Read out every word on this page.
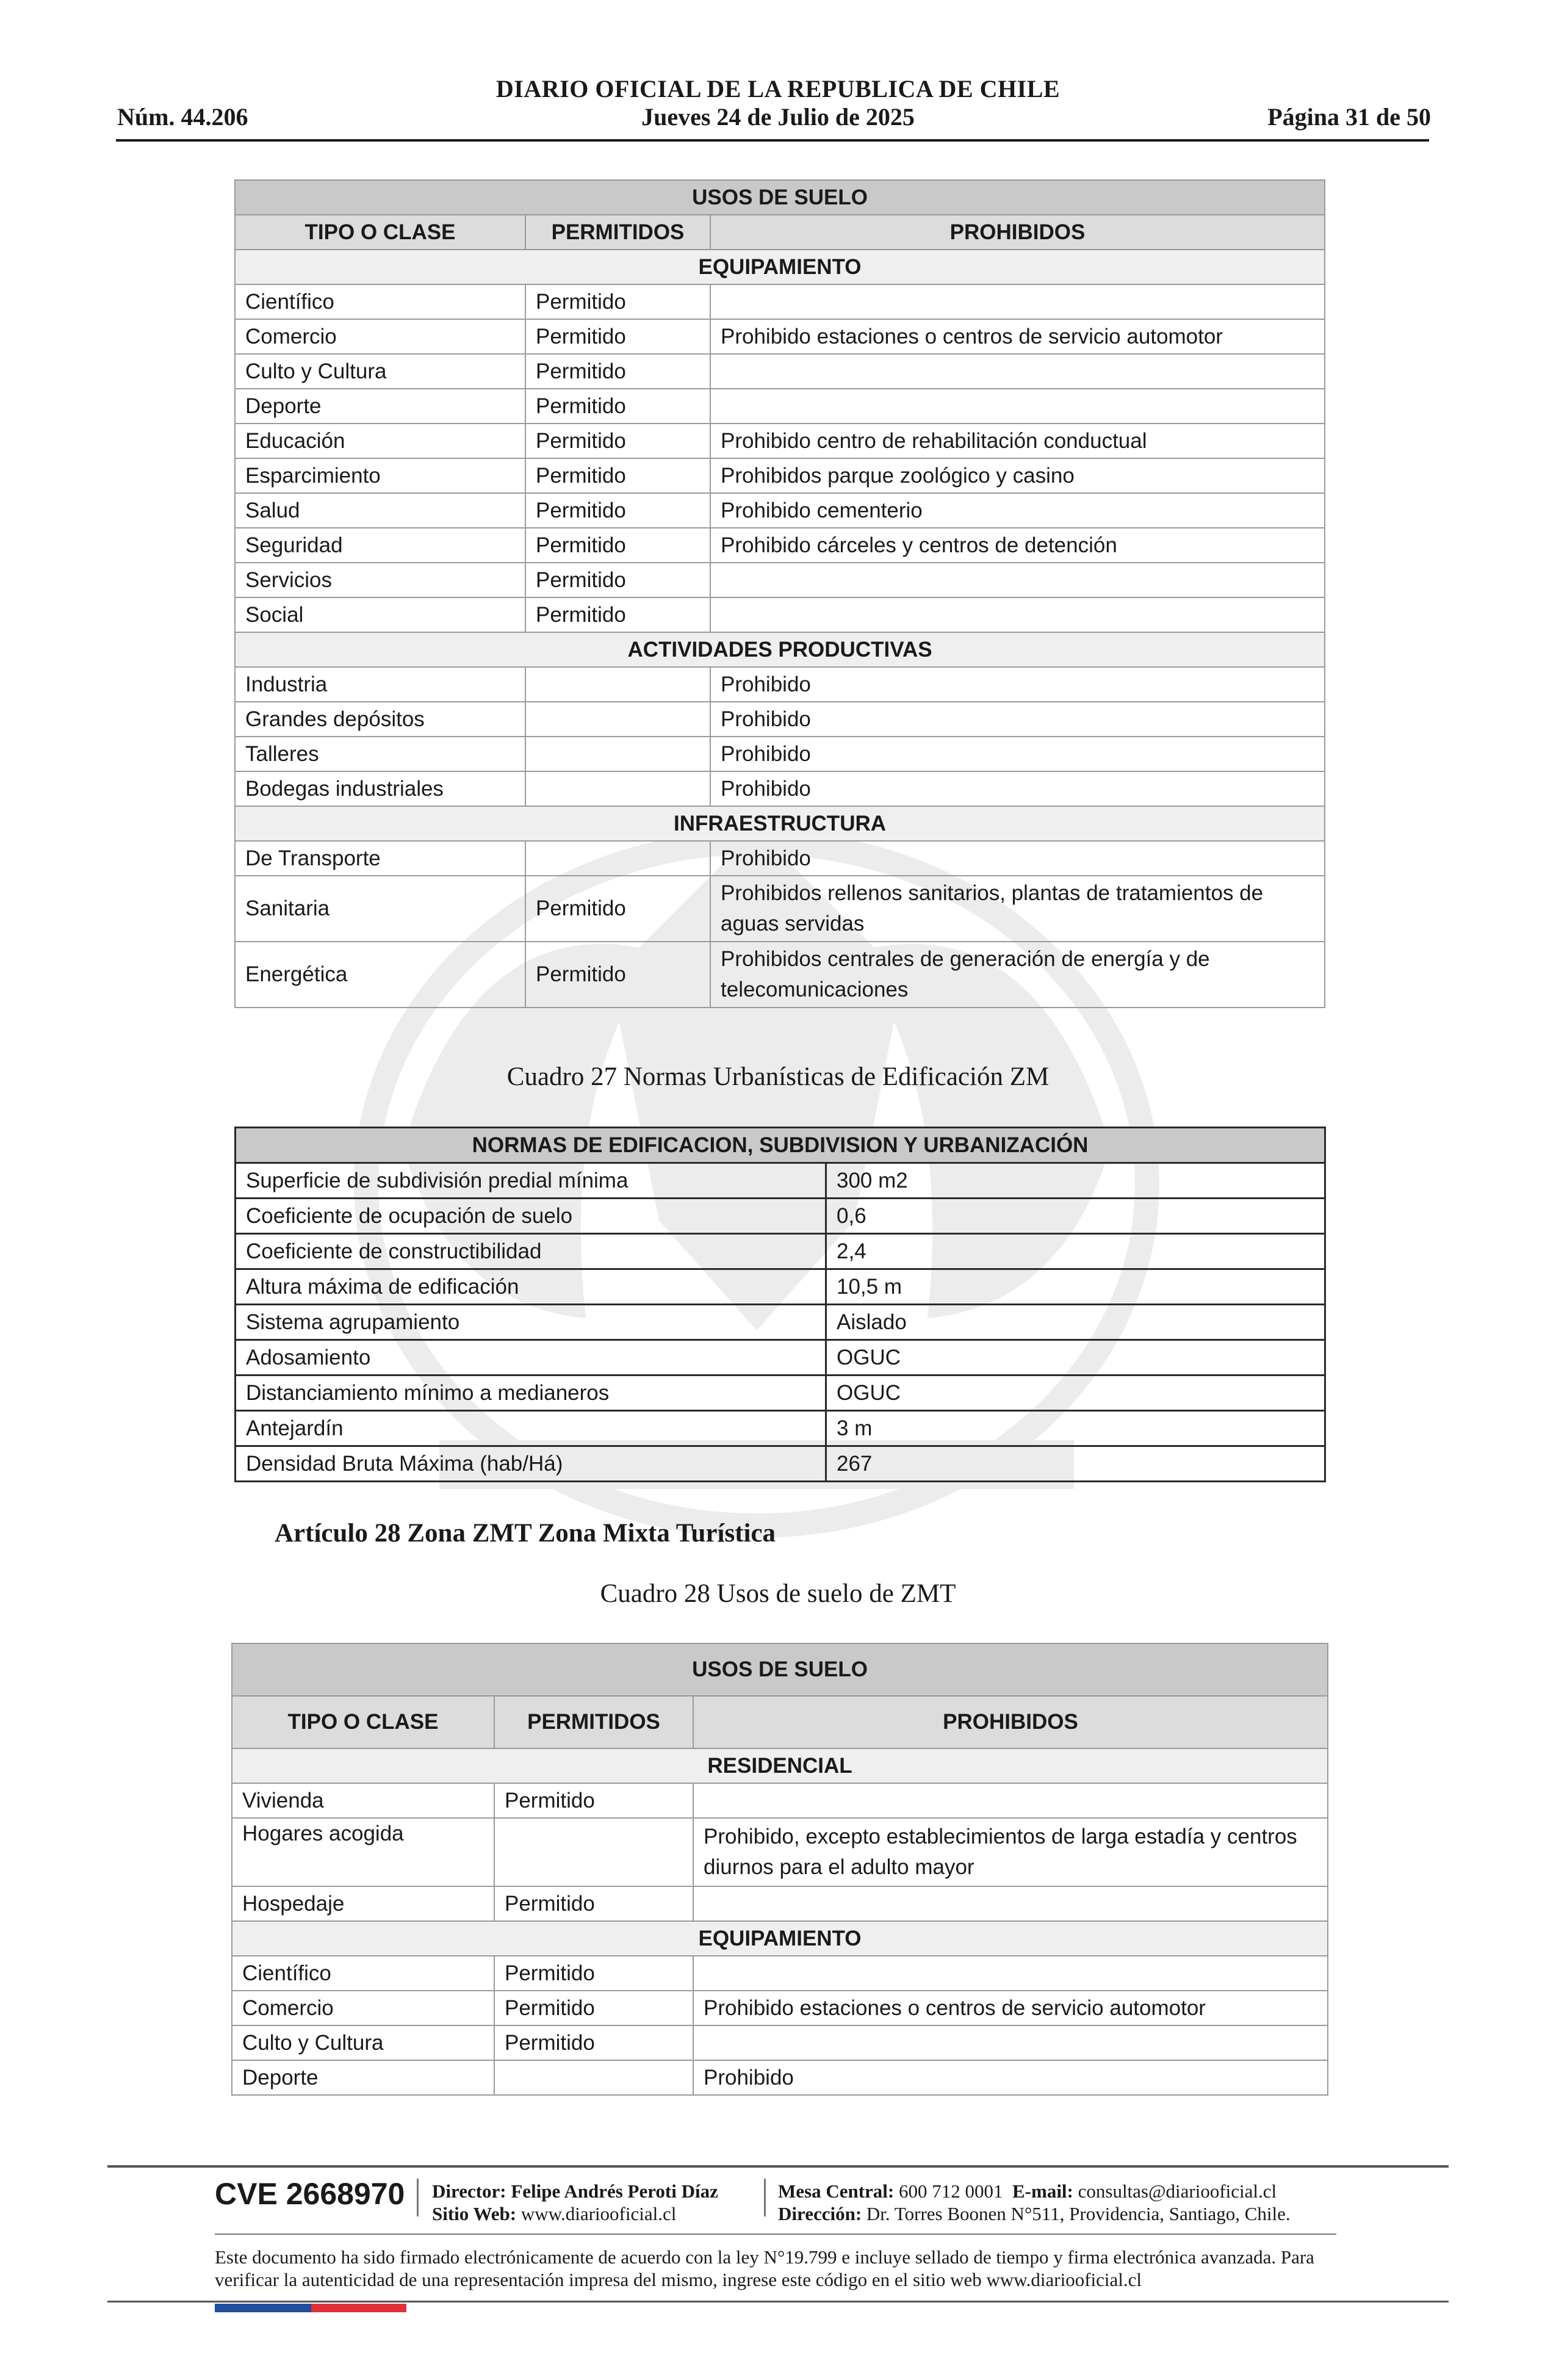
DIARIO OFICIAL DE LA REPUBLICA DE CHILE
Núm. 44.206	Jueves 24 de Julio de 2025	Página 31 de 50
USOS DE SUELO		
TIPO O CLASE	PERMITIDOS	PROHIBIDOS
EQUIPAMIENTO		
Científico	Permitido	
Comercio	Permitido	Prohibido estaciones o centros de servicio automotor
Culto y Cultura	Permitido	
Deporte	Permitido	
Educación	Permitido	Prohibido centro de rehabilitación conductual
Esparcimiento	Permitido	Prohibidos parque zoológico y casino
Salud	Permitido	Prohibido cementerio
Seguridad	Permitido	Prohibido cárceles y centros de detención
Servicios	Permitido	
Social	Permitido	
ACTIVIDADES PRODUCTIVAS		
Industria		Prohibido
Grandes depósitos		Prohibido
Talleres		Prohibido
Bodegas industriales		Prohibido
INFRAESTRUCTURA		
De Transporte		Prohibido
Sanitaria	Permitido	Prohibidos rellenos sanitarios, plantas de tratamientos de aguas servidas
Energética	Permitido	Prohibidos centrales de generación de energía y de telecomunicaciones
Cuadro 27 Normas Urbanísticas de Edificación ZM
NORMAS DE EDIFICACION, SUBDIVISION Y URBANIZACIÓN	
Superficie de subdivisión predial mínima	300 m2
Coeficiente de ocupación de suelo	0,6
Coeficiente de constructibilidad	2,4
Altura máxima de edificación	10,5 m
Sistema agrupamiento	Aislado
Adosamiento	OGUC
Distanciamiento mínimo a medianeros	OGUC
Antejardín	3 m
Densidad Bruta Máxima (hab/Há)	267
Artículo 28 Zona ZMT Zona Mixta Turística
Cuadro 28 Usos de suelo de ZMT
USOS DE SUELO		
TIPO O CLASE	PERMITIDOS	PROHIBIDOS
RESIDENCIAL		
Vivienda	Permitido	
Hogares acogida		Prohibido, excepto establecimientos de larga estadía y centros diurnos para el adulto mayor
Hospedaje	Permitido	
EQUIPAMIENTO		
Científico	Permitido	
Comercio	Permitido	Prohibido estaciones o centros de servicio automotor
Culto y Cultura	Permitido	
Deporte		Prohibido
CVE 2668970 Director: Felipe Andrés Peroti Díaz
Sitio Web: www.diariooficial.cl
Mesa Central: 600 712 0001 E-mail: consultas@diariooficial.cl
Dirección: Dr. Torres Boonen N°511, Providencia, Santiago, Chile.
Este documento ha sido firmado electrónicamente de acuerdo con la ley N°19.799 e incluye sellado de tiempo y firma electrónica avanzada. Para verificar la autenticidad de una representación impresa del mismo, ingrese este código en el sitio web www.diariooficial.cl
